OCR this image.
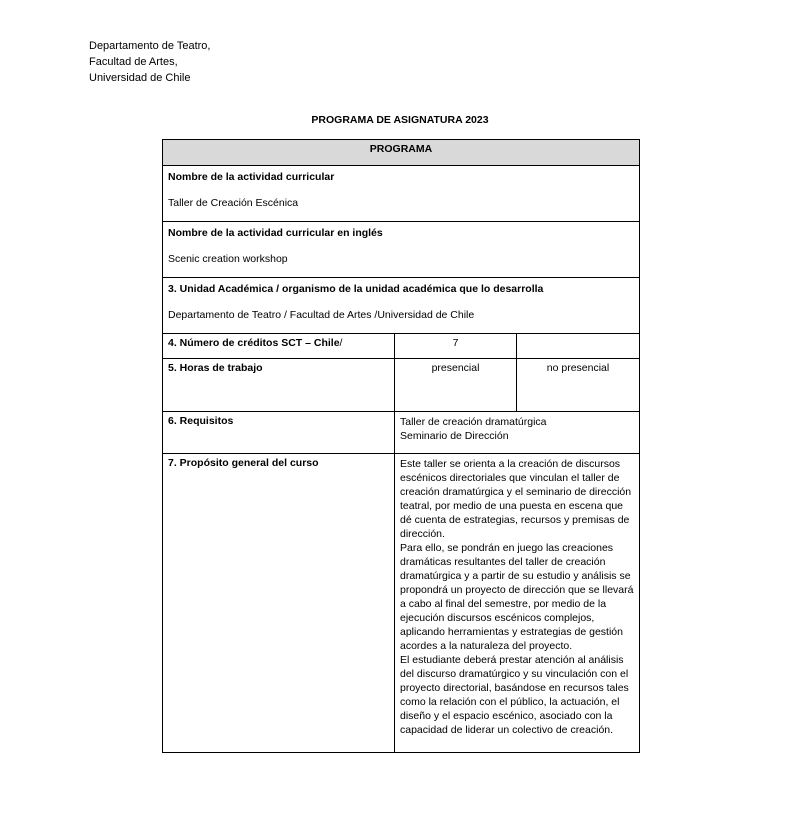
Departamento de Teatro,
Facultad de Artes,
Universidad de Chile
PROGRAMA DE ASIGNATURA 2023
PROGRAMA		

Nombre de la actividad curricular
Taller de Creación Escénica		

Nombre de la actividad curricular en inglés
Scenic creation workshop		

3. Unidad Académica / organismo de la unidad académica que lo desarrolla
Departamento de Teatro / Facultad de Artes /Universidad de Chile		

4. Número de créditos SCT – Chile/	7	
5. Horas de trabajo	presencial	no presencial
6. Requisitos	Taller de creación dramatúrgica
Seminario de Dirección	

7. Propósito general del curso	Este taller se orienta a la creación de discursos escénicos directoriales que vinculan el taller de creación dramatúrgica y el seminario de dirección teatral, por medio de una puesta en escena que dé cuenta de estrategias, recursos y premisas de dirección.
Para ello, se pondrán en juego las creaciones dramáticas resultantes del taller de creación dramatúrgica y a partir de su estudio y análisis se propondrá un proyecto de dirección que se llevará a cabo al final del semestre, por medio de la ejecución discursos escénicos complejos, aplicando herramientas y estrategias de gestión acordes a la naturaleza del proyecto.
El estudiante deberá prestar atención al análisis del discurso dramatúrgico y su vinculación con el proyecto directorial, basándose en recursos tales como la relación con el público, la actuación, el diseño y el espacio escénico, asociado con la capacidad de liderar un colectivo de creación.	
